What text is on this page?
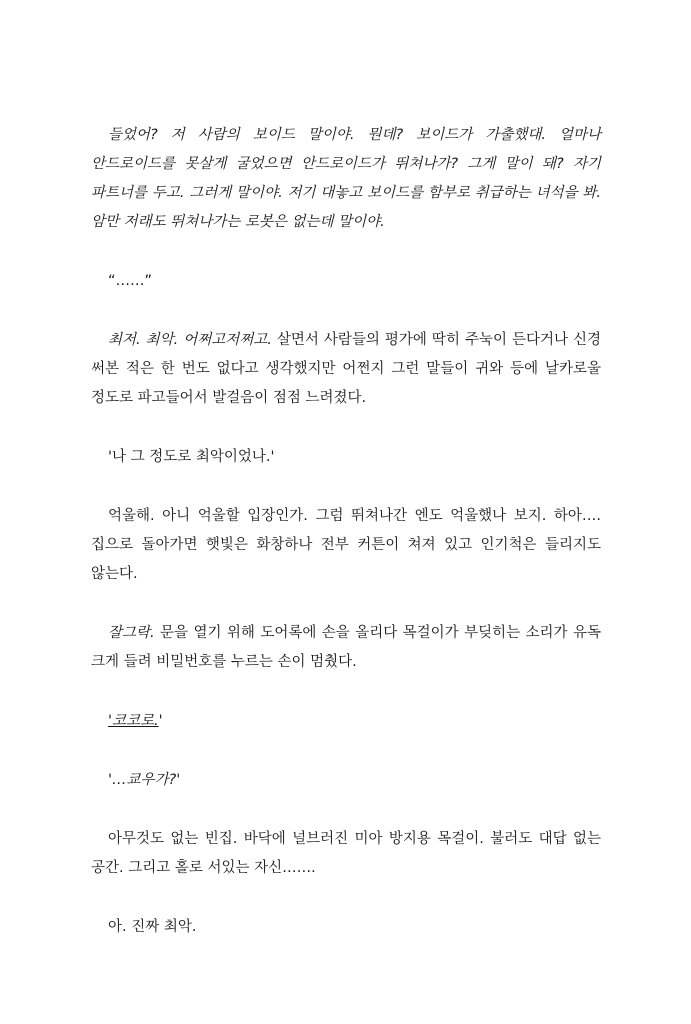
들었어? 저 사람의 보이드 말이야. 뭔데? 보이드가 가출했대. 얼마나 안드로이드를 못살게 굴었으면 안드로이드가 뛰쳐나가? 그게 말이 돼? 자기 파트너를 두고. 그러게 말이야. 저기 대놓고 보이드를 함부로 취급하는 녀석을 봐. 암만 저래도 뛰쳐나가는 로봇은 없는데 말이야.

“……”

최저. 최악. 어쩌고저쩌고. 살면서 사람들의 평가에 딱히 주눅이 든다거나 신경 써본 적은 한 번도 없다고 생각했지만 어쩐지 그런 말들이 귀와 등에 날카로울 정도로 파고들어서 발걸음이 점점 느려졌다.

'나 그 정도로 최악이었나.'

억울해. 아니 억울할 입장인가. 그럼 뛰쳐나간 엔도 억울했나 보지. 하아…. 집으로 돌아가면 햇빛은 화창하나 전부 커튼이 쳐져 있고 인기척은 들리지도 않는다.

잘그락. 문을 열기 위해 도어록에 손을 올리다 목걸이가 부딪히는 소리가 유독 크게 들려 비밀번호를 누르는 손이 멈췄다.

'코코로.'

'…쿄우가?'

아무것도 없는 빈집. 바닥에 널브러진 미아 방지용 목걸이. 불러도 대답 없는 공간. 그리고 홀로 서있는 자신…….

아. 진짜 최악.
